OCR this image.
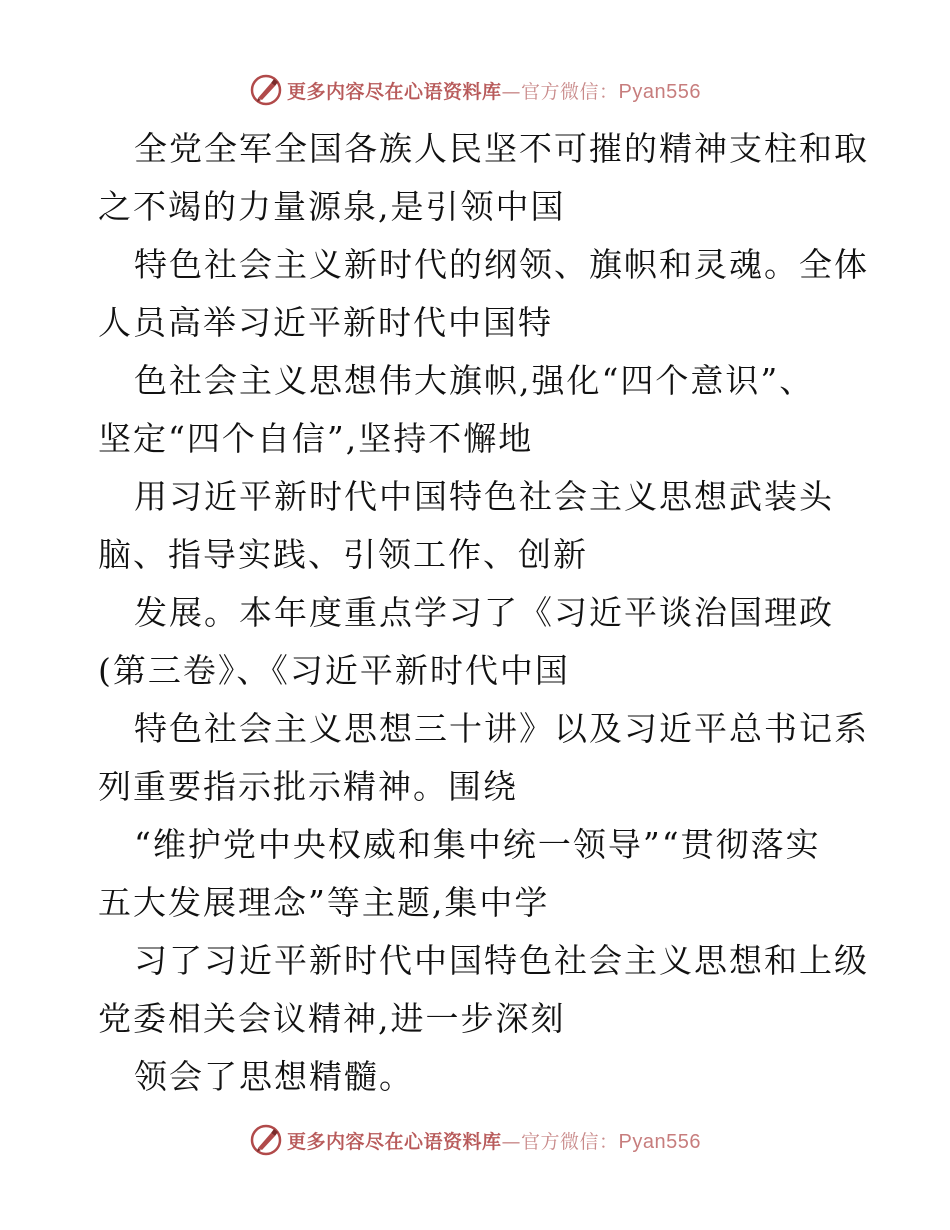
更多内容尽在心语资料库—官方微信：Pyan556

全党全军全国各族人民坚不可摧的精神支柱和取
之不竭的力量源泉,是引领中国

特色社会主义新时代的纲领、旗帜和灵魂。全体
人员高举习近平新时代中国特

色社会主义思想伟大旗帜,强化“四个意识”、
坚定“四个自信”,坚持不懈地

用习近平新时代中国特色社会主义思想武装头
脑、指导实践、引领工作、创新

发展。本年度重点学习了《习近平谈治国理政
(第三卷》、《习近平新时代中国

特色社会主义思想三十讲》以及习近平总书记系
列重要指示批示精神。围绕

“维护党中央权威和集中统一领导”“贯彻落实
五大发展理念”等主题,集中学

习了习近平新时代中国特色社会主义思想和上级
党委相关会议精神,进一步深刻

领会了思想精髓。

更多内容尽在心语资料库—官方微信：Pyan556
